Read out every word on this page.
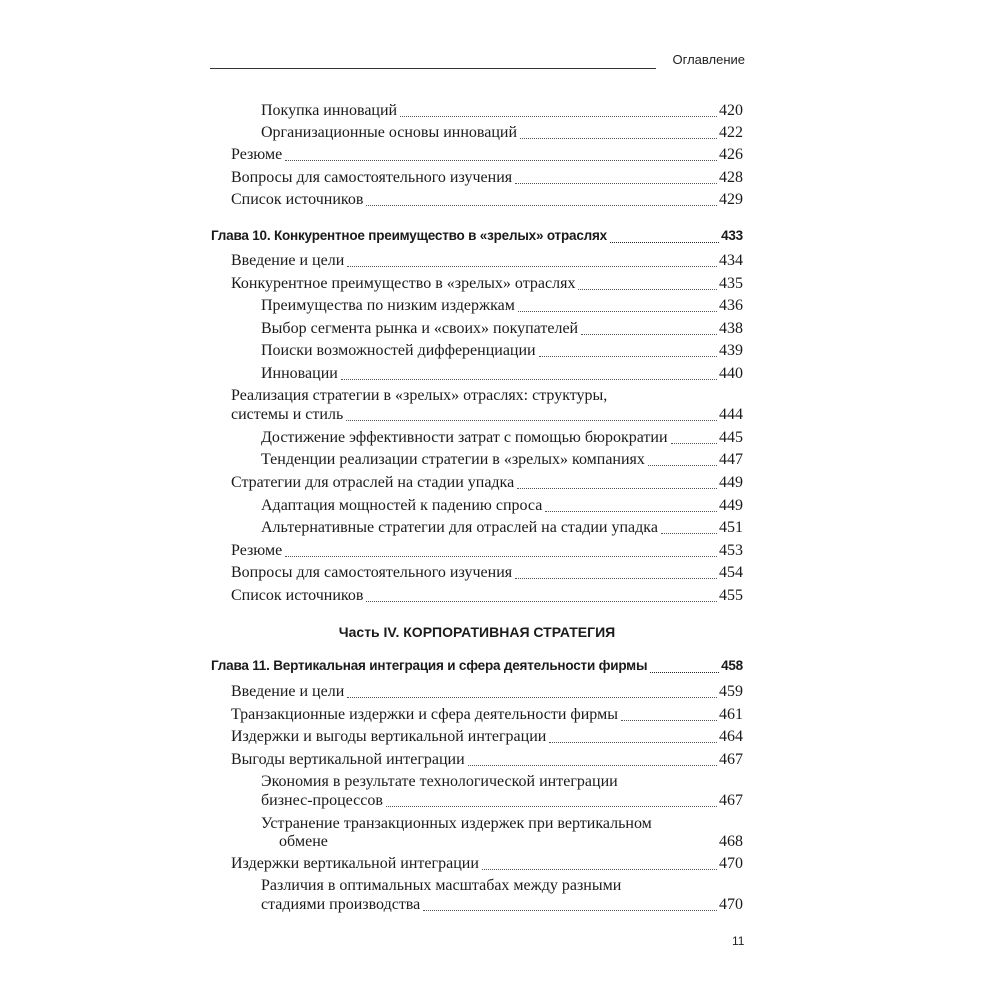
Оглавление
Покупка инноваций	420
Организационные основы инноваций	422
Резюме	426
Вопросы для самостоятельного изучения	428
Список источников	429
Глава 10. Конкурентное преимущество в «зрелых» отраслях	433
Введение и цели	434
Конкурентное преимущество в «зрелых» отраслях	435
Преимущества по низким издержкам	436
Выбор сегмента рынка и «своих» покупателей	438
Поиски возможностей дифференциации	439
Инновации	440
Реализация стратегии в «зрелых» отраслях: структуры,
системы и стиль	444
Достижение эффективности затрат с помощью бюрократии	445
Тенденции реализации стратегии в «зрелых» компаниях	447
Стратегии для отраслей на стадии упадка	449
Адаптация мощностей к падению спроса	449
Альтернативные стратегии для отраслей на стадии упадка	451
Резюме	453
Вопросы для самостоятельного изучения	454
Список источников	455
Часть IV. КОРПОРАТИВНАЯ СТРАТЕГИЯ
Глава 11. Вертикальная интеграция и сфера деятельности фирмы	458
Введение и цели	459
Транзакционные издержки и сфера деятельности фирмы	461
Издержки и выгоды вертикальной интеграции	464
Выгоды вертикальной интеграции	467
Экономия в результате технологической интеграции
бизнес-процессов	467
Устранение транзакционных издержек при вертикальном
обмене	468
Издержки вертикальной интеграции	470
Различия в оптимальных масштабах между разными
стадиями производства	470
11
